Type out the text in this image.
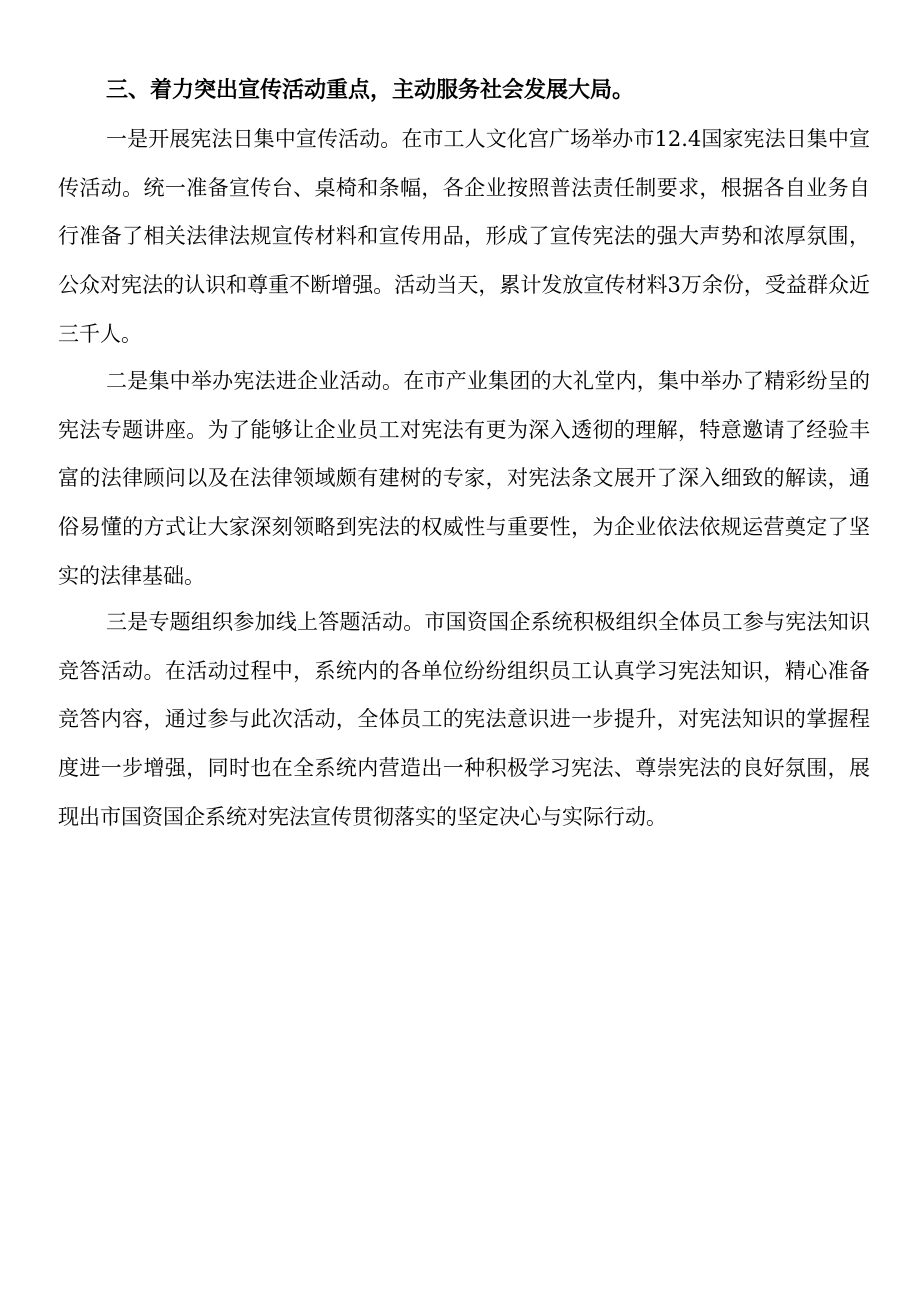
三、着力突出宣传活动重点，主动服务社会发展大局。

一是开展宪法日集中宣传活动。在市工人文化宫广场举办市12.4国家宪法日集中宣传活动。统一准备宣传台、桌椅和条幅，各企业按照普法责任制要求，根据各自业务自行准备了相关法律法规宣传材料和宣传用品，形成了宣传宪法的强大声势和浓厚氛围，公众对宪法的认识和尊重不断增强。活动当天，累计发放宣传材料3万余份，受益群众近三千人。

二是集中举办宪法进企业活动。在市产业集团的大礼堂内，集中举办了精彩纷呈的宪法专题讲座。为了能够让企业员工对宪法有更为深入透彻的理解，特意邀请了经验丰富的法律顾问以及在法律领域颇有建树的专家，对宪法条文展开了深入细致的解读，通俗易懂的方式让大家深刻领略到宪法的权威性与重要性，为企业依法依规运营奠定了坚实的法律基础。

三是专题组织参加线上答题活动。市国资国企系统积极组织全体员工参与宪法知识竞答活动。在活动过程中，系统内的各单位纷纷组织员工认真学习宪法知识，精心准备竞答内容，通过参与此次活动，全体员工的宪法意识进一步提升，对宪法知识的掌握程度进一步增强，同时也在全系统内营造出一种积极学习宪法、尊崇宪法的良好氛围，展现出市国资国企系统对宪法宣传贯彻落实的坚定决心与实际行动。
